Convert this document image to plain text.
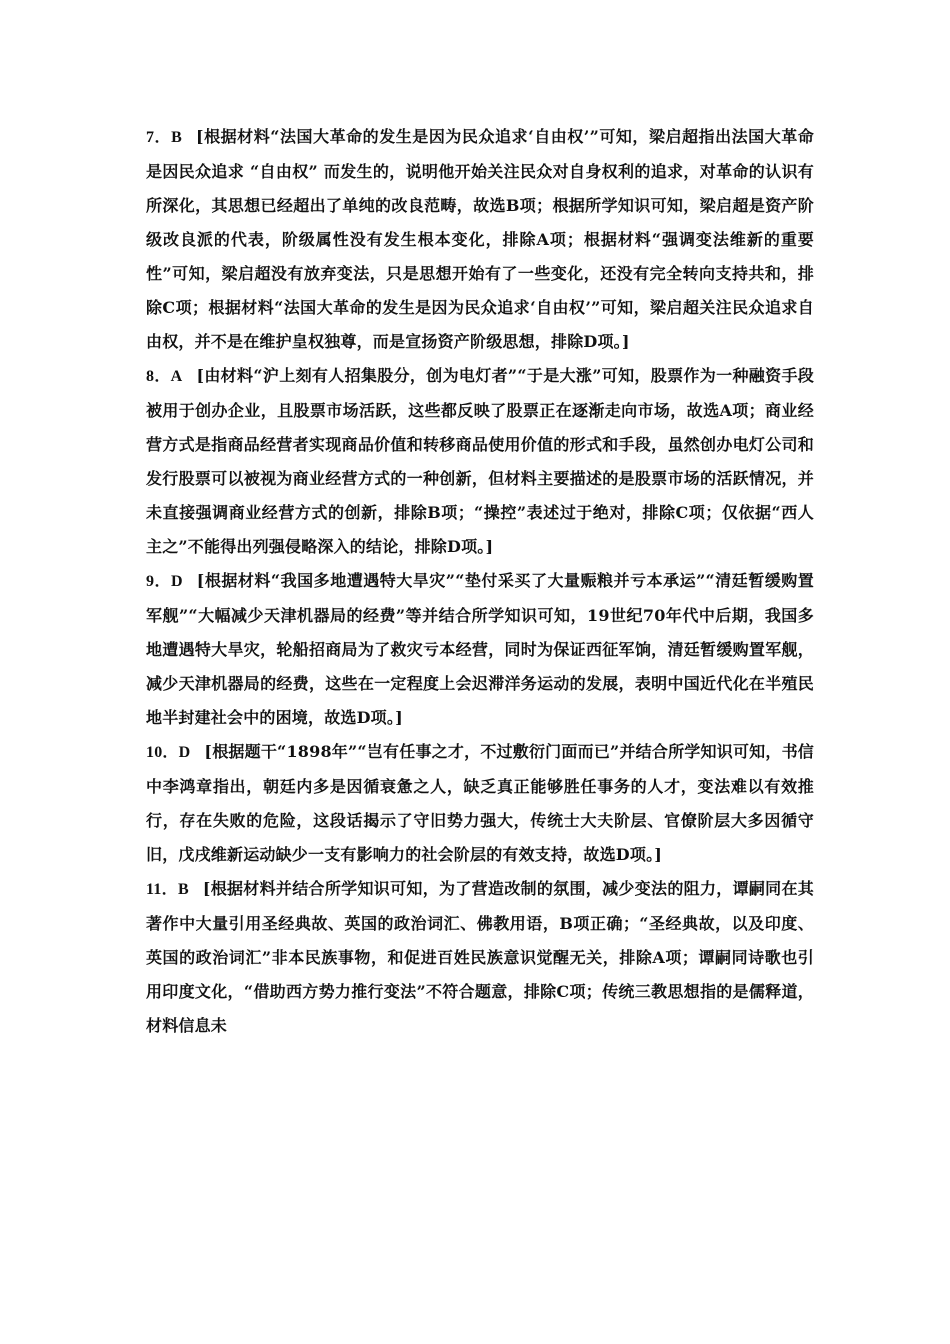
7．B [根据材料“法国大革命的发生是因为民众追求‘自由权’”可知，梁启超指出法国大革命是因民众追求 “自由权” 而发生的，说明他开始关注民众对自身权利的追求，对革命的认识有所深化，其思想已经超出了单纯的改良范畴，故选B项；根据所学知识可知，梁启超是资产阶级改良派的代表，阶级属性没有发生根本变化，排除A项；根据材料“强调变法维新的重要性”可知，梁启超没有放弃变法，只是思想开始有了一些变化，还没有完全转向支持共和，排除C项；根据材料“法国大革命的发生是因为民众追求‘自由权’”可知，梁启超关注民众追求自由权，并不是在维护皇权独尊，而是宣扬资产阶级思想，排除D项。]

8．A [由材料“沪上刻有人招集股分，创为电灯者”“于是大涨”可知，股票作为一种融资手段被用于创办企业，且股票市场活跃，这些都反映了股票正在逐渐走向市场，故选A项；商业经营方式是指商品经营者实现商品价值和转移商品使用价值的形式和手段，虽然创办电灯公司和发行股票可以被视为商业经营方式的一种创新，但材料主要描述的是股票市场的活跃情况，并未直接强调商业经营方式的创新，排除B项；“操控”表述过于绝对，排除C项；仅依据“西人主之”不能得出列强侵略深入的结论，排除D项。]

9．D [根据材料“我国多地遭遇特大旱灾”“垫付采买了大量赈粮并亏本承运”“清廷暂缓购置军舰”“大幅减少天津机器局的经费”等并结合所学知识可知，19世纪70年代中后期，我国多地遭遇特大旱灾，轮船招商局为了救灾亏本经营，同时为保证西征军饷，清廷暂缓购置军舰，减少天津机器局的经费，这些在一定程度上会迟滞洋务运动的发展，表明中国近代化在半殖民地半封建社会中的困境，故选D项。]

10．D [根据题干“1898年”“岂有任事之才，不过敷衍门面而已”并结合所学知识可知，书信中李鸿章指出，朝廷内多是因循衰惫之人，缺乏真正能够胜任事务的人才，变法难以有效推行，存在失败的危险，这段话揭示了守旧势力强大，传统士大夫阶层、官僚阶层大多因循守旧，戊戌维新运动缺少一支有影响力的社会阶层的有效支持，故选D项。]

11．B [根据材料并结合所学知识可知，为了营造改制的氛围，减少变法的阻力，谭嗣同在其著作中大量引用圣经典故、英国的政治词汇、佛教用语，B项正确；“圣经典故，以及印度、英国的政治词汇”非本民族事物，和促进百姓民族意识觉醒无关，排除A项；谭嗣同诗歌也引用印度文化，“借助西方势力推行变法”不符合题意，排除C项；传统三教思想指的是儒释道，材料信息未
